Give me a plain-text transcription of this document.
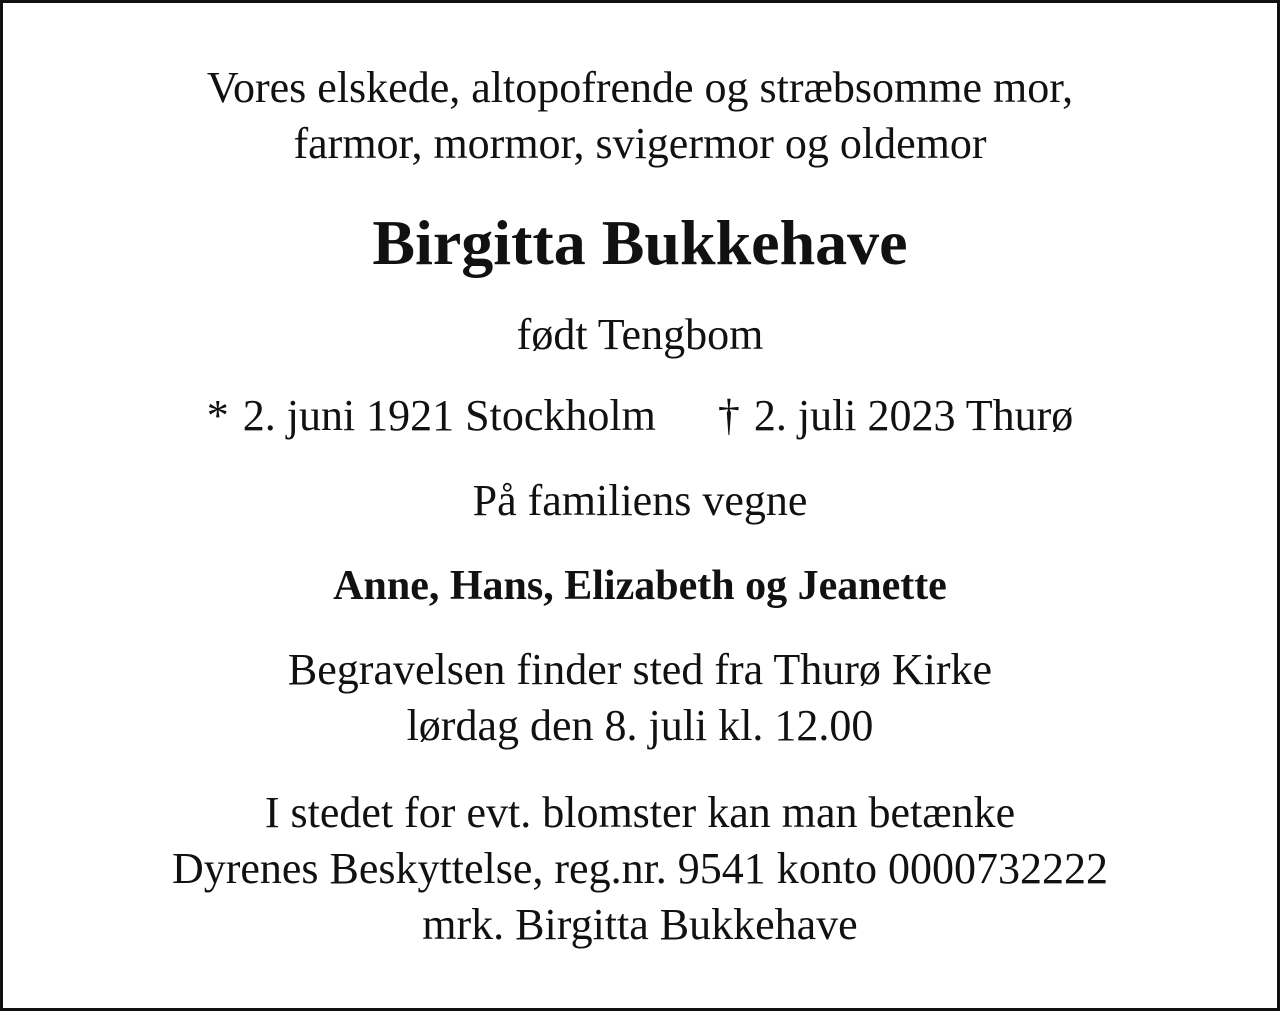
Vores elskede, altopofrende og stræbsomme mor,
farmor, mormor, svigermor og oldemor
Birgitta Bukkehave
født Tengbom
* 2. juni 1921 Stockholm † 2. juli 2023 Thurø
På familiens vegne
Anne, Hans, Elizabeth og Jeanette
Begravelsen finder sted fra Thurø Kirke
lørdag den 8. juli kl. 12.00
I stedet for evt. blomster kan man betænke
Dyrenes Beskyttelse, reg.nr. 9541 konto 0000732222
mrk. Birgitta Bukkehave
